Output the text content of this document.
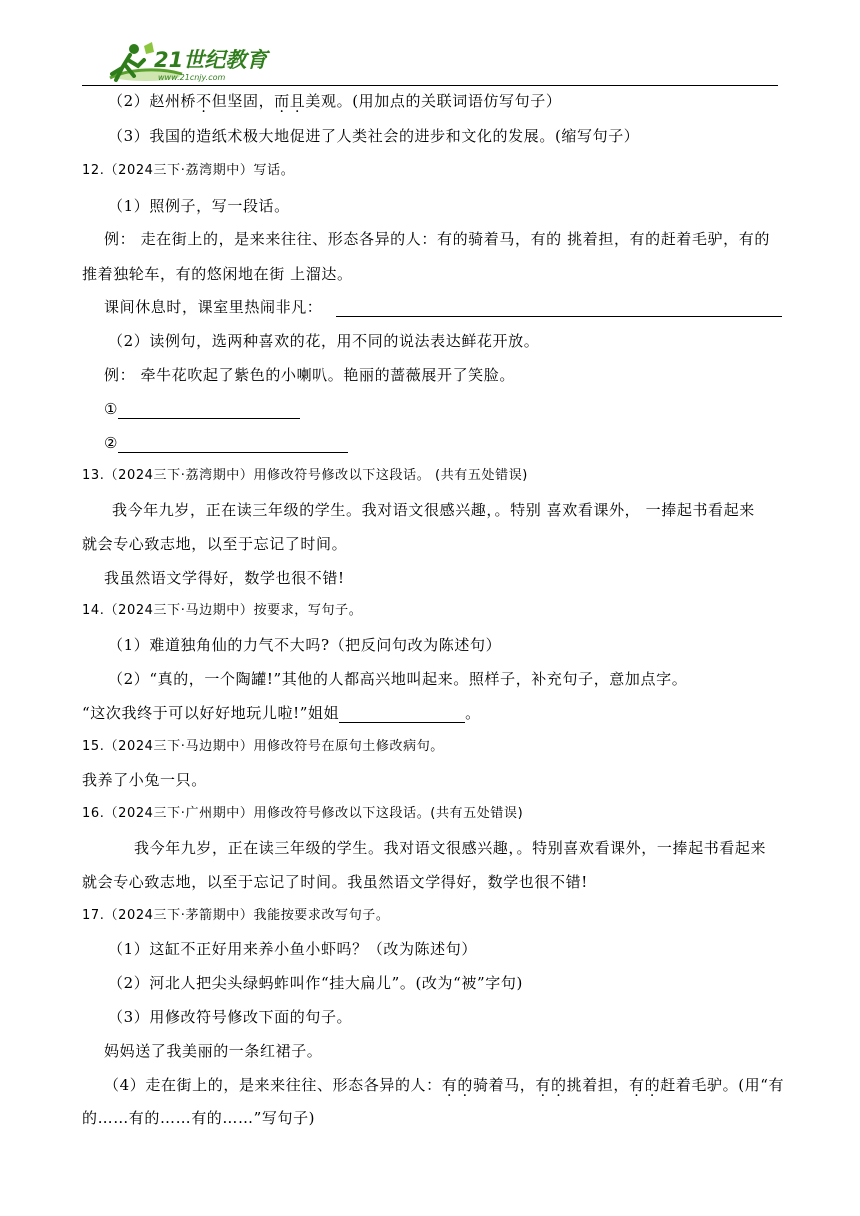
21世纪教育
www.21cnjy.com
（2）赵州桥不但坚固，而且美观。(用加点的关联词语仿写句子）
（3）我国的造纸术极大地促进了人类社会的进步和文化的发展。(缩写句子）
12.（2024三下·荔湾期中）写话。
（1）照例子，写一段话。
例： 走在街上的，是来来往往、形态各异的人：有的骑着马，有的 挑着担，有的赶着毛驴，有的
推着独轮车，有的悠闲地在街 上溜达。
课间休息时，课室里热闹非凡：
（2）读例句，选两种喜欢的花，用不同的说法表达鲜花开放。
例： 牵牛花吹起了紫色的小喇叭。艳丽的蔷薇展开了笑脸。
①
②
13.（2024三下·荔湾期中）用修改符号修改以下这段话。 (共有五处错误)
我今年九岁，正在读三年级的学生。我对语文很感兴趣，。特别 喜欢看课外， 一捧起书看起来
就会专心致志地，以至于忘记了时间。
我虽然语文学得好，数学也很不错!
14.（2024三下·马边期中）按要求，写句子。
（1）难道独角仙的力气不大吗?（把反问句改为陈述句）
（2）“真的，一个陶罐!”其他的人都高兴地叫起来。照样子，补充句子，意加点字。
“这次我终于可以好好地玩儿啦!”姐姐	。
15.（2024三下·马边期中）用修改符号在原句土修改病句。
我养了小兔一只。
16.（2024三下·广州期中）用修改符号修改以下这段话。(共有五处错误)
我今年九岁，正在读三年级的学生。我对语文很感兴趣，。特别喜欢看课外，一捧起书看起来
就会专心致志地，以至于忘记了时间。我虽然语文学得好，数学也很不错!
17.（2024三下·茅箭期中）我能按要求改写句子。
（1）这缸不正好用来养小鱼小虾吗？（改为陈述句）
（2）河北人把尖头绿蚂蚱叫作“挂大扁儿”。(改为“被”字句)
（3）用修改符号修改下面的句子。
妈妈送了我美丽的一条红裙子。
（4）走在街上的，是来来往往、形态各异的人：有的骑着马，有的挑着担，有的赶着毛驴。(用“有
的……有的……有的……”写句子)
